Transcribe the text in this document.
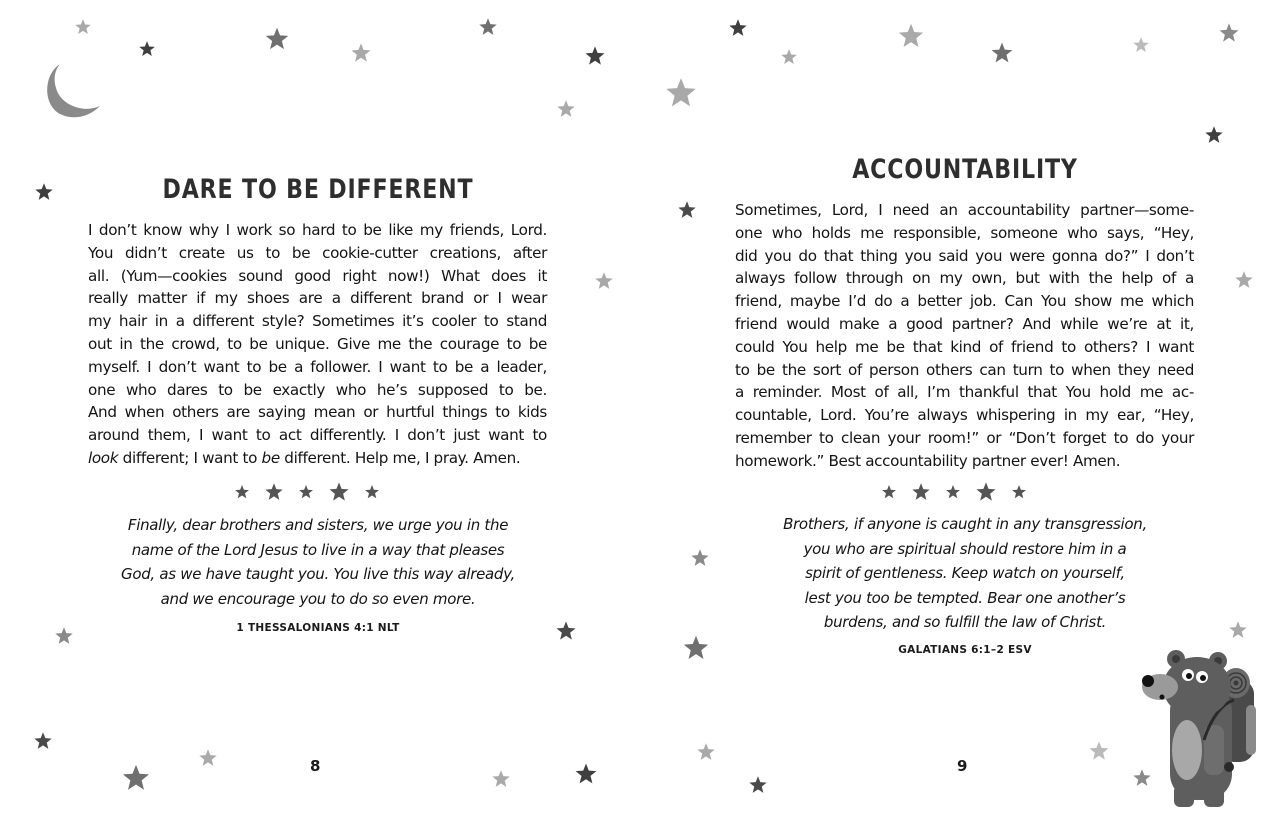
DARE TO BE DIFFERENT
I don’t know why I work so hard to be like my friends, Lord.
You didn’t create us to be cookie-cutter creations, after
all. (Yum—cookies sound good right now!) What does it
really matter if my shoes are a different brand or I wear
my hair in a different style? Sometimes it’s cooler to stand
out in the crowd, to be unique. Give me the courage to be
myself. I don’t want to be a follower. I want to be a leader,
one who dares to be exactly who he’s supposed to be.
And when others are saying mean or hurtful things to kids
around them, I want to act differently. I don’t just want to
look different; I want to be different. Help me, I pray. Amen.
Finally, dear brothers and sisters, we urge you in the
name of the Lord Jesus to live in a way that pleases
God, as we have taught you. You live this way already,
and we encourage you to do so even more.
1 THESSALONIANS 4:1 NLT
8
ACCOUNTABILITY
Sometimes, Lord, I need an accountability partner—some-
one who holds me responsible, someone who says, “Hey,
did you do that thing you said you were gonna do?” I don’t
always follow through on my own, but with the help of a
friend, maybe I’d do a better job. Can You show me which
friend would make a good partner? And while we’re at it,
could You help me be that kind of friend to others? I want
to be the sort of person others can turn to when they need
a reminder. Most of all, I’m thankful that You hold me ac-
countable, Lord. You’re always whispering in my ear, “Hey,
remember to clean your room!” or “Don’t forget to do your
homework.” Best accountability partner ever! Amen.
Brothers, if anyone is caught in any transgression,
you who are spiritual should restore him in a
spirit of gentleness. Keep watch on yourself,
lest you too be tempted. Bear one another’s
burdens, and so fulfill the law of Christ.
GALATIANS 6:1–2 ESV
9
